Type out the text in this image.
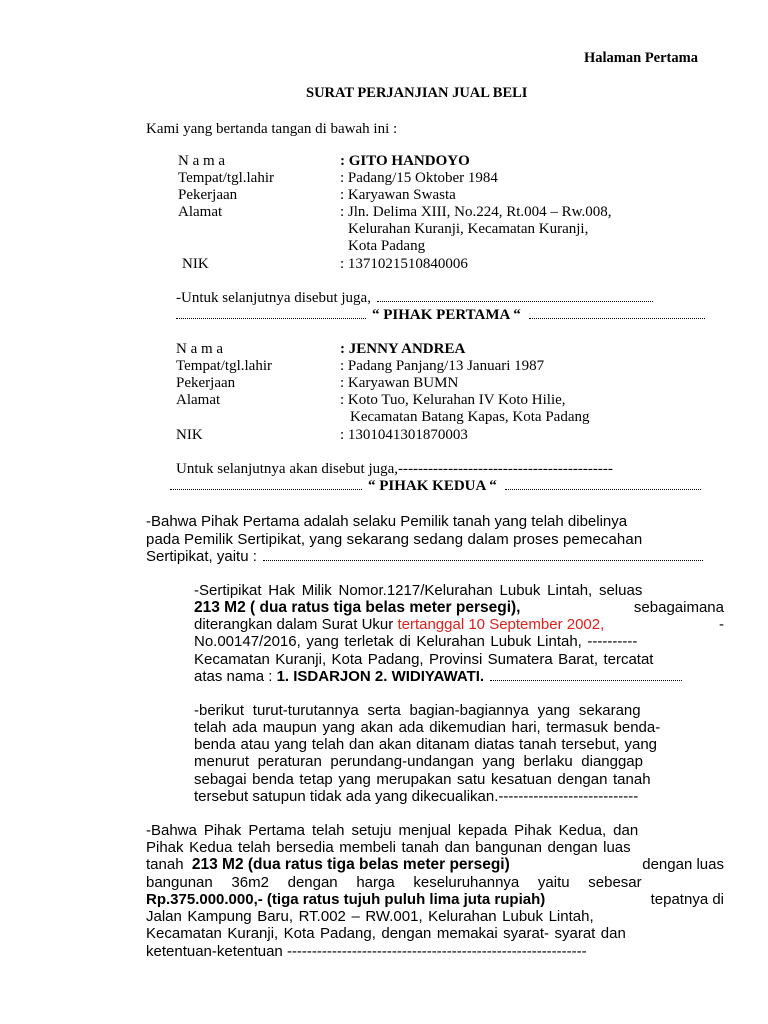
Halaman Pertama
SURAT PERJANJIAN JUAL BELI
Kami yang bertanda tangan di bawah ini :
N a m a	: GITO HANDOYO
Tempat/tgl.lahir	: Padang/15 Oktober 1984
Pekerjaan	: Karyawan Swasta
Alamat	: Jln. Delima XIII, No.224, Rt.004 – Rw.008,
Kelurahan Kuranji, Kecamatan Kuranji,
Kota Padang
NIK	: 1371021510840006
-Untuk selanjutnya disebut juga,
“ PIHAK PERTAMA “
N a m a	: JENNY ANDREA
Tempat/tgl.lahir	: Padang Panjang/13 Januari 1987
Pekerjaan	: Karyawan BUMN
Alamat	: Koto Tuo, Kelurahan IV Koto Hilie,
Kecamatan Batang Kapas, Kota Padang
NIK	: 1301041301870003
Untuk selanjutnya akan disebut juga,-------------------------------------------
“ PIHAK KEDUA “
-Bahwa Pihak Pertama adalah selaku Pemilik tanah yang telah dibelinya
pada Pemilik Sertipikat, yang sekarang sedang dalam proses pemecahan
Sertipikat, yaitu :
-Sertipikat Hak Milik Nomor.1217/Kelurahan Lubuk Lintah, seluas
213 M2 ( dua ratus tiga belas meter persegi),	sebagaimana
diterangkan dalam Surat Ukur tertanggal 10 September 2002,	-
No.00147/2016, yang terletak di Kelurahan Lubuk Lintah, ----------
Kecamatan Kuranji, Kota Padang, Provinsi Sumatera Barat, tercatat
atas nama : 1. ISDARJON 2. WIDIYAWATI.
-berikut turut-turutannya serta bagian-bagiannya yang sekarang
telah ada maupun yang akan ada dikemudian hari, termasuk benda-
benda atau yang telah dan akan ditanam diatas tanah tersebut, yang
menurut peraturan perundang-undangan yang berlaku dianggap
sebagai benda tetap yang merupakan satu kesatuan dengan tanah
tersebut satupun tidak ada yang dikecualikan.----------------------------
-Bahwa Pihak Pertama telah setuju menjual kepada Pihak Kedua, dan
Pihak Kedua telah bersedia membeli tanah dan bangunan dengan luas
tanah 213 M2 (dua ratus tiga belas meter persegi)	dengan luas
bangunan 36m2 dengan harga keseluruhannya yaitu sebesar
Rp.375.000.000,- (tiga ratus tujuh puluh lima juta rupiah)	tepatnya di
Jalan Kampung Baru, RT.002 – RW.001, Kelurahan Lubuk Lintah,
Kecamatan Kuranji, Kota Padang, dengan memakai syarat- syarat dan
ketentuan-ketentuan ------------------------------------------------------------
